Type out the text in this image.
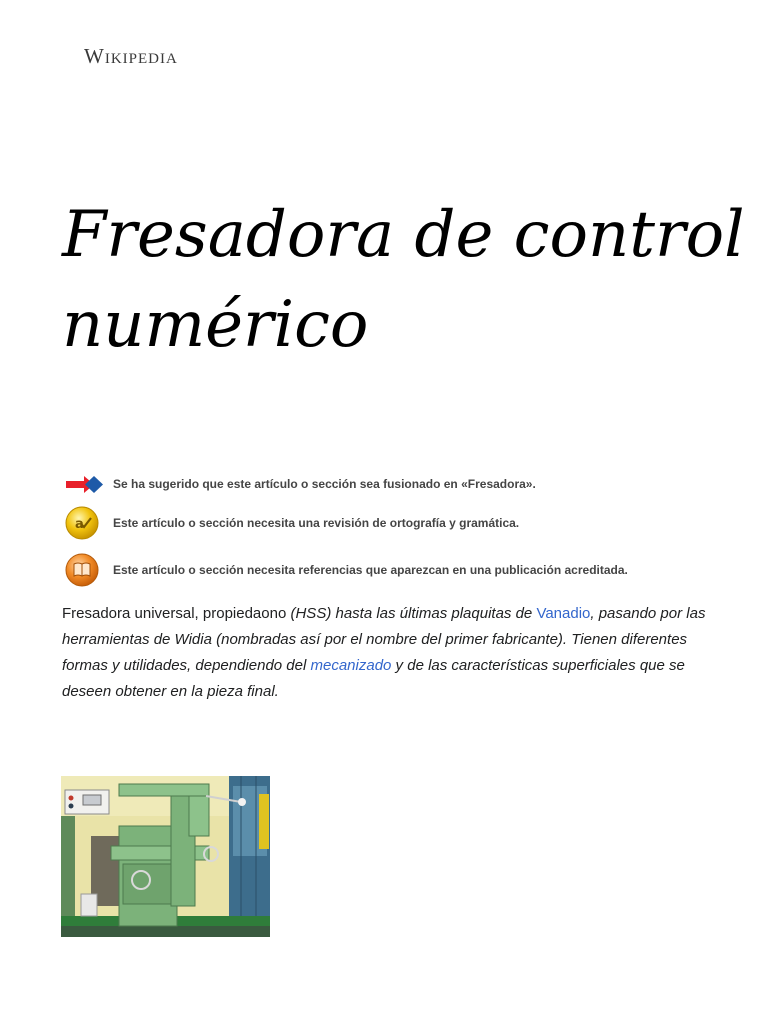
Wikipedia
Fresadora de control numérico
Se ha sugerido que este artículo o sección sea fusionado en «Fresadora».
a Este artículo o sección necesita una revisión de ortografía y gramática.
Este artículo o sección necesita referencias que aparezcan en una publicación acreditada.

Fresadora universal, propiedaono (HSS) hasta las últimas plaquitas de Vanadio, pasando por las herramientas de Widia (nombradas así por el nombre del primer fabricante). Tienen diferentes formas y utilidades, dependiendo del mecanizado y de las características superficiales que se deseen obtener en la pieza final.
